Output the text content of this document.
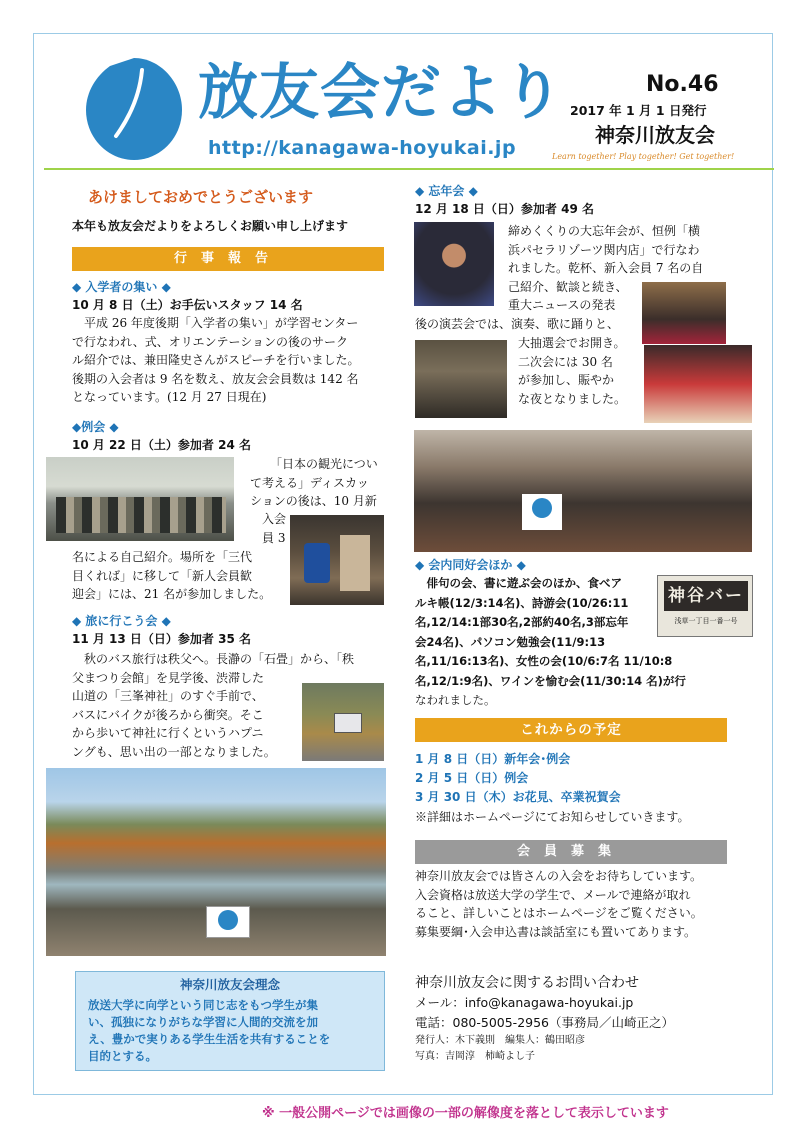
放友会だより
http://kanagawa-hoyukai.jp
No.46
2017 年 1 月 1 日発行
神奈川放友会
Learn together! Play together! Get together!
あけましておめでとうございます
本年も放友会だよりをよろしくお願い申し上げます
行事報告
◆ 入学者の集い ◆
10 月 8 日（土）お手伝いスタッフ 14 名
　平成 26 年度後期「入学者の集い」が学習センター
で行なわれ、式、オリエンテーションの後のサーク
ル紹介では、兼田隆史さんがスピーチを行いました。
後期の入会者は 9 名を数え、放友会会員数は 142 名
となっています。(12 月 27 日現在)
◆例会 ◆
10 月 22 日（土）参加者 24 名
「日本の観光につい
て考える」ディスカッ
ションの後は、10 月新
入会
員 3
名による自己紹介。場所を「三代
目くれば」に移して「新人会員歓
迎会」には、21 名が参加しました。
◆ 旅に行こう会 ◆
11 月 13 日（日）参加者 35 名
　秋のバス旅行は秩父へ。長瀞の「石畳」から、「秩
父まつり会館」を見学後、渋滞した
山道の「三峯神社」のすぐ手前で、
バスにバイクが後ろから衝突。そこ
から歩いて神社に行くというハプニ
ングも、思い出の一部となりました。
◆ 忘年会 ◆
12 月 18 日（日）参加者 49 名
締めくくりの大忘年会が、恒例「横
浜パセラリゾーツ関内店」で行なわ
れました。乾杯、新入会員 7 名の自
己紹介、歓談と続き、
重大ニュースの発表
後の演芸会では、演奏、歌に踊りと、
大抽選会でお開き。
二次会には 30 名
が参加し、賑やか
な夜となりました。
◆ 会内同好会ほか ◆
　俳句の会、書に遊ぶ会のほか、食べア
ルキ帳(12/3:14名)、詩游会(10/26:11
名,12/14:1部30名,2部約40名,3部忘年
会24名)、パソコン勉強会(11/9:13
名,11/16:13名)、女性の会(10/6:7名 11/10:8
名,12/1:9名)、ワインを愉む会(11/30:14 名)が行
なわれました。
神谷バー
浅草一丁目一番一号
これからの予定
1 月 8 日（日）新年会･例会
2 月 5 日（日）例会
3 月 30 日（木）お花見、卒業祝賀会
※詳細はホームページにてお知らせしていきます。
会員募集
神奈川放友会では皆さんの入会をお待ちしています。
入会資格は放送大学の学生で、メールで連絡が取れ
ること、詳しいことはホームページをご覧ください。
募集要綱･入会申込書は談話室にも置いてあります。
神奈川放友会理念

放送大学に向学という同じ志をもつ学生が集
い、孤独になりがちな学習に人間的交流を加
え、豊かで実りある学生生活を共有することを
目的とする。

神奈川放友会に関するお問い合わせ
メール：info@kanagawa-hoyukai.jp
電話：080-5005-2956（事務局／山崎正之）
発行人：木下義則　編集人：鶴田昭彦
写真：吉岡淳　柿崎よし子
※ 一般公開ページでは画像の一部の解像度を落として表示しています
